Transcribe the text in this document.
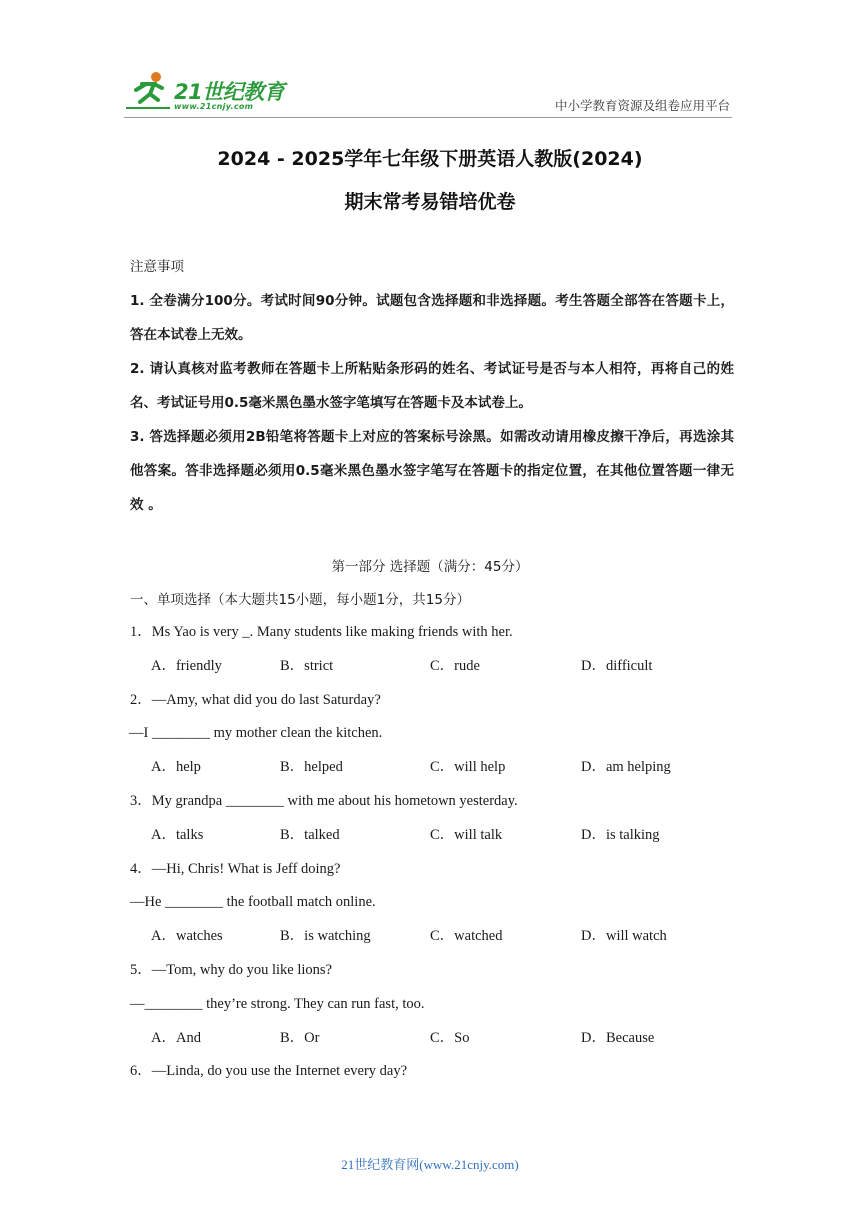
21世纪教育
www.21cnjy.com	中小学教育资源及组卷应用平台
2024 - 2025学年七年级下册英语人教版(2024)
期末常考易错培优卷
注意事项

1. 全卷满分100分。考试时间90分钟。试题包含选择题和非选择题。考生答题全部答在答题卡上，答在本试卷上无效。

2. 请认真核对监考教师在答题卡上所粘贴条形码的姓名、考试证号是否与本人相符，再将自己的姓名、考试证号用0.5毫米黑色墨水签字笔填写在答题卡及本试卷上。

3. 答选择题必须用2B铅笔将答题卡上对应的答案标号涂黑。如需改动请用橡皮擦干净后，再选涂其他答案。答非选择题必须用0.5毫米黑色墨水签字笔写在答题卡的指定位置，在其他位置答题一律无效 。

第一部分 选择题（满分：45分）
一、单项选择（本大题共15小题，每小题1分，共15分）
1．Ms Yao is very _. Many students like making friends with her.
A．friendly	B．strict	C．rude	D．difficult
2．—Amy, what did you do last Saturday?
—I ________ my mother clean the kitchen.
A．help	B．helped	C．will help	D．am helping
3．My grandpa ________ with me about his hometown yesterday.
A．talks	B．talked	C．will talk	D．is talking
4．—Hi, Chris! What is Jeff doing?
—He ________ the football match online.
A．watches	B．is watching	C．watched	D．will watch
5．—Tom, why do you like lions?
—________ they’re strong. They can run fast, too.
A．And	B．Or	C．So	D．Because
6．—Linda, do you use the Internet every day?
21世纪教育网(www.21cnjy.com)
